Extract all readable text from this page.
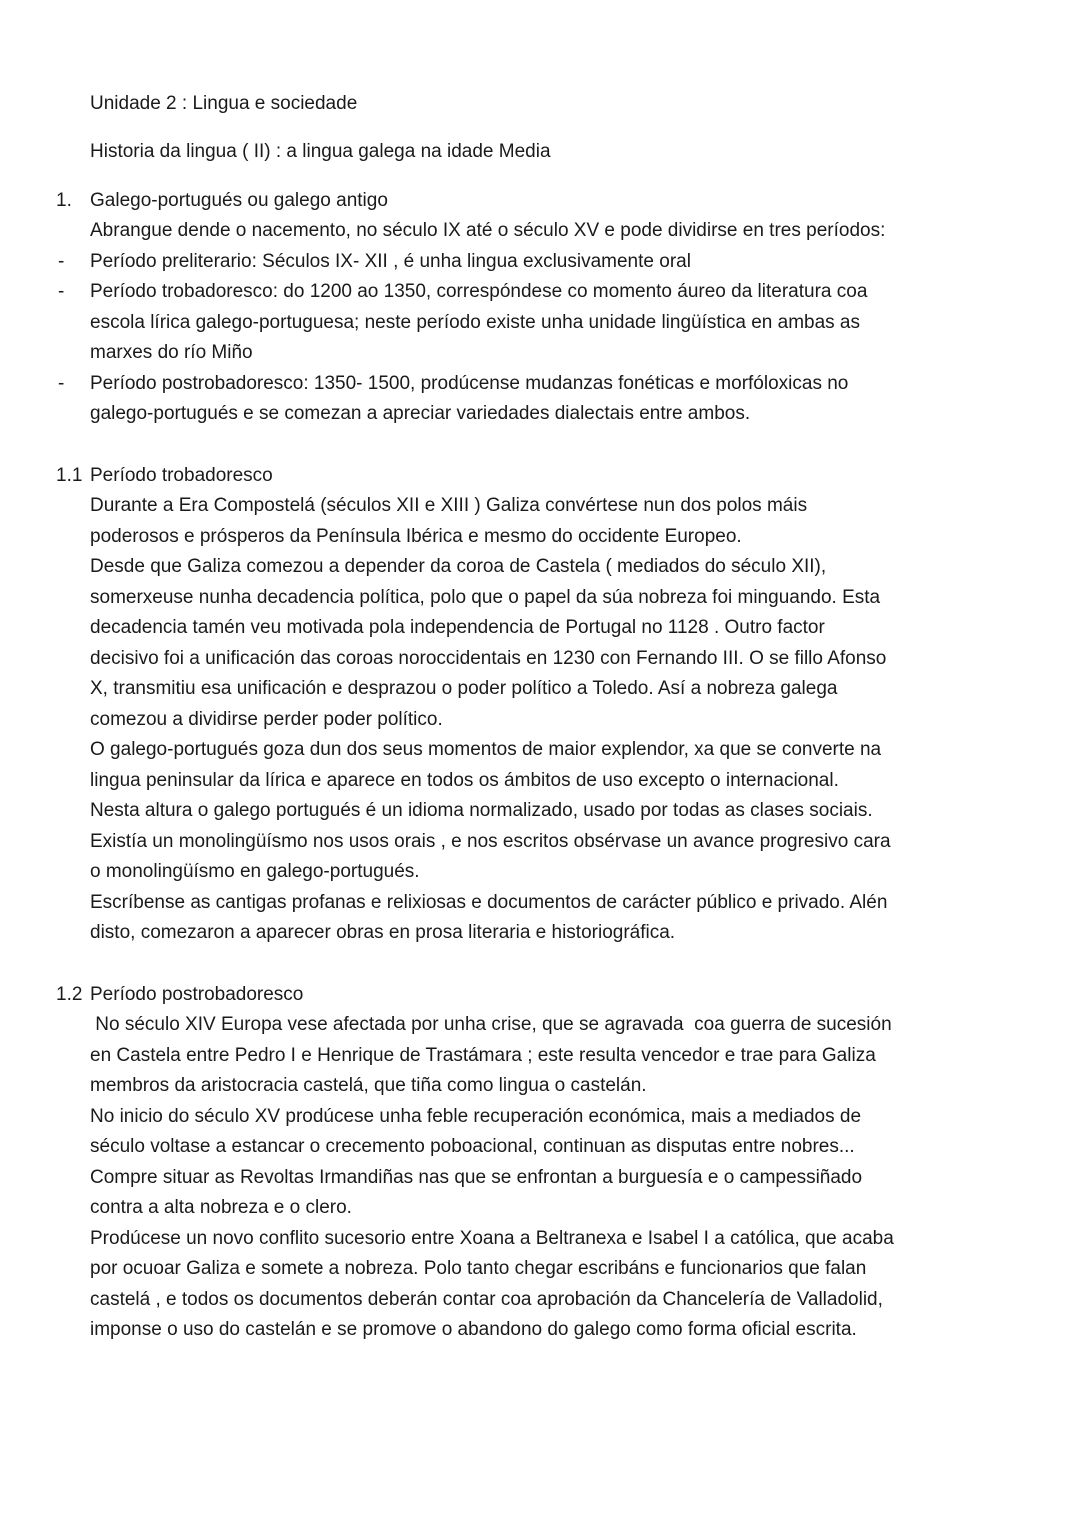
Unidade 2 : Lingua e sociedade
Historia da lingua ( II) : a lingua galega na idade Media
1. Galego-portugués ou galego antigo
Abrangue dende o nacemento, no século IX até o século XV e pode dividirse en tres períodos:
- Período preliterario: Séculos IX- XII , é unha lingua exclusivamente oral
- Período trobadoresco: do 1200 ao 1350, correspóndese co momento áureo da literatura coa
escola lírica galego-portuguesa; neste período existe unha unidade lingüística en ambas as
marxes do río Miño
- Período postrobadoresco: 1350- 1500, prodúcense mudanzas fonéticas e morfóloxicas no
galego-portugués e se comezan a apreciar variedades dialectais entre ambos.
1.1 Período trobadoresco
Durante a Era Compostelá (séculos XII e XIII ) Galiza convértese nun dos polos máis
poderosos e prósperos da Península Ibérica e mesmo do occidente Europeo.
Desde que Galiza comezou a depender da coroa de Castela ( mediados do século XII),
somerxeuse nunha decadencia política, polo que o papel da súa nobreza foi minguando. Esta
decadencia tamén veu motivada pola independencia de Portugal no 1128 . Outro factor
decisivo foi a unificación das coroas noroccidentais en 1230 con Fernando III. O se fillo Afonso
X, transmitiu esa unificación e desprazou o poder político a Toledo. Así a nobreza galega
comezou a dividirse perder poder político.
O galego-portugués goza dun dos seus momentos de maior explendor, xa que se converte na
lingua peninsular da lírica e aparece en todos os ámbitos de uso excepto o internacional.
Nesta altura o galego portugués é un idioma normalizado, usado por todas as clases sociais.
Existía un monolingüísmo nos usos orais , e nos escritos obsérvase un avance progresivo cara
o monolingüísmo en galego-portugués.
Escríbense as cantigas profanas e relixiosas e documentos de carácter público e privado. Alén
disto, comezaron a aparecer obras en prosa literaria e historiográfica.
1.2 Período postrobadoresco
No século XIV Europa vese afectada por unha crise, que se agravada  coa guerra de sucesión
en Castela entre Pedro I e Henrique de Trastámara ; este resulta vencedor e trae para Galiza
membros da aristocracia castelá, que tiña como lingua o castelán.
No inicio do século XV prodúcese unha feble recuperación económica, mais a mediados de
século voltase a estancar o crecemento poboacional, continuan as disputas entre nobres...
Compre situar as Revoltas Irmandiñas nas que se enfrontan a burguesía e o campessiñado
contra a alta nobreza e o clero.
Prodúcese un novo conflito sucesorio entre Xoana a Beltranexa e Isabel I a católica, que acaba
por ocuoar Galiza e somete a nobreza. Polo tanto chegar escribáns e funcionarios que falan
castelá , e todos os documentos deberán contar coa aprobación da Chancelería de Valladolid,
imponse o uso do castelán e se promove o abandono do galego como forma oficial escrita.
